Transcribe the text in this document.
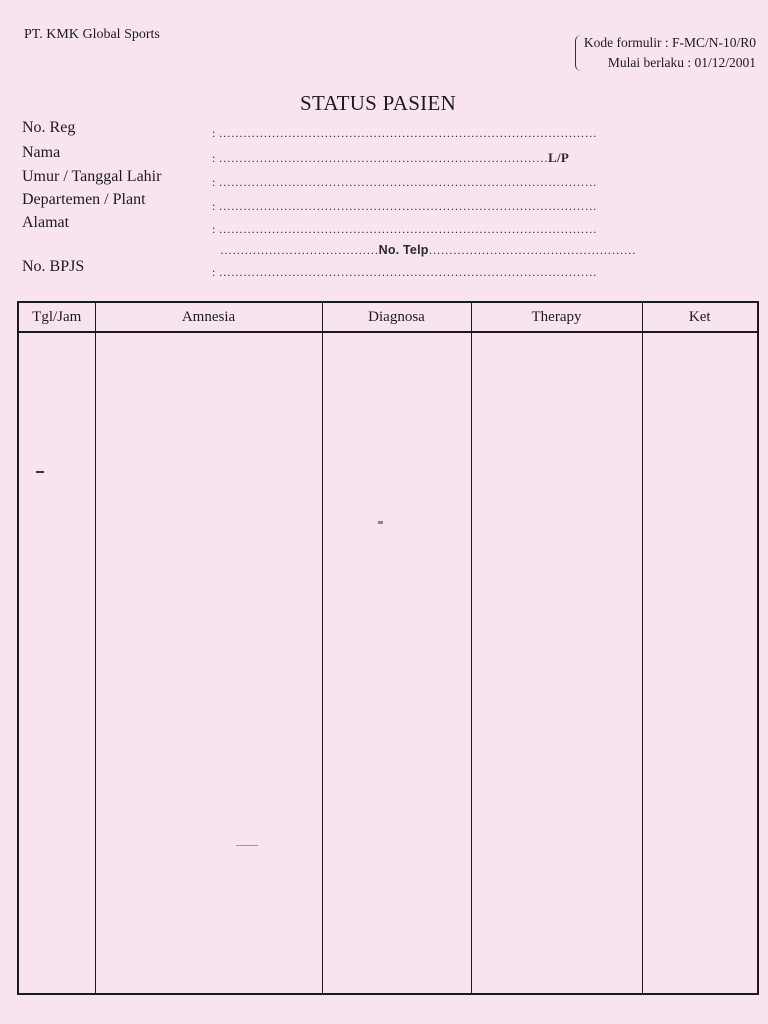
PT. KMK Global Sports
Kode formulir : F-MC/N-10/R0
Mulai berlaku : 01/12/2001
STATUS PASIEN
No. Reg	: …………………………………………………………………………………
Nama	: ………………………………………………………………………L/P
Umur / Tanggal Lahir	: …………………………………………………………………………………
Departemen / Plant	: …………………………………………………………………………………
Alamat	: …………………………………………………………………………………
…………………………………No. Telp……………………………………………
No. BPJS	: …………………………………………………………………………………
Tgl/Jam	Amnesia	Diagnosa	Therapy	Ket
